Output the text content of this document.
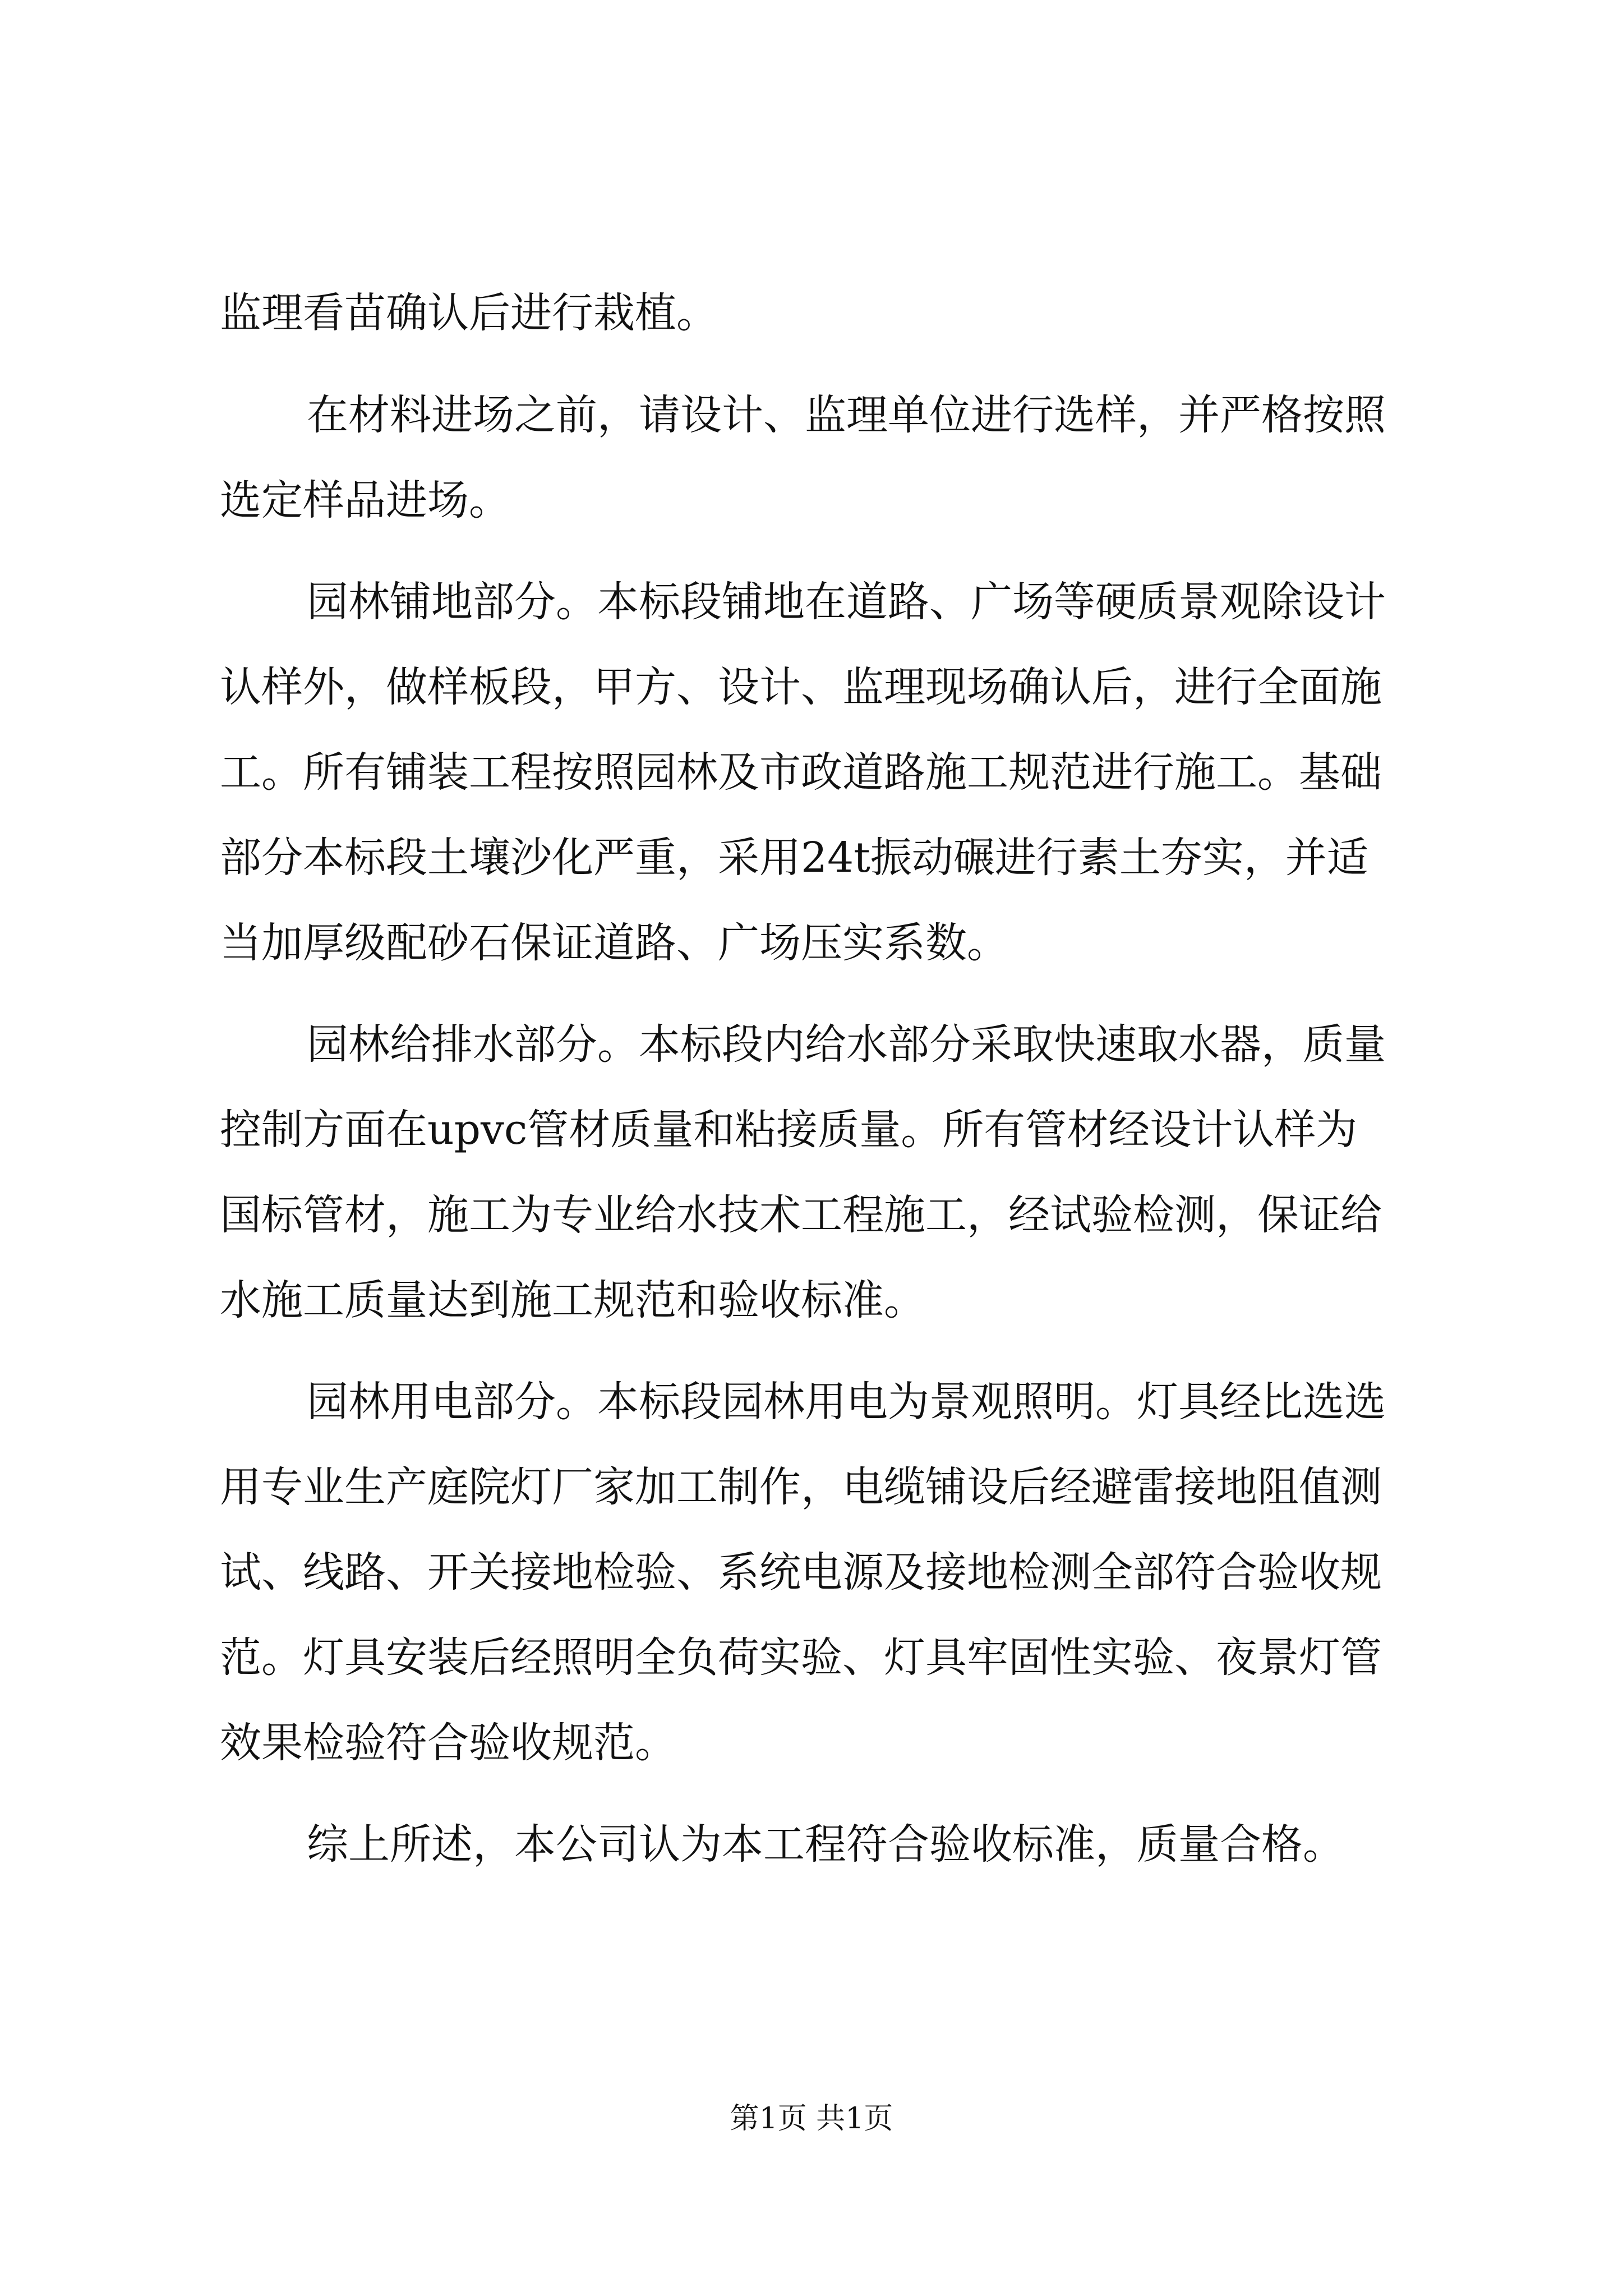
监理看苗确认后进行栽植。

在材料进场之前，请设计、监理单位进行选样，并严格按照

选定样品进场。

园林铺地部分。本标段铺地在道路、广场等硬质景观除设计

认样外，做样板段，甲方、设计、监理现场确认后，进行全面施

工。所有铺装工程按照园林及市政道路施工规范进行施工。基础

部分本标段土壤沙化严重，采用24t振动碾进行素土夯实，并适

当加厚级配砂石保证道路、广场压实系数。

园林给排水部分。本标段内给水部分采取快速取水器，质量

控制方面在upvc管材质量和粘接质量。所有管材经设计认样为

国标管材，施工为专业给水技术工程施工，经试验检测，保证给

水施工质量达到施工规范和验收标准。

园林用电部分。本标段园林用电为景观照明。灯具经比选选

用专业生产庭院灯厂家加工制作，电缆铺设后经避雷接地阻值测

试、线路、开关接地检验、系统电源及接地检测全部符合验收规

范。灯具安装后经照明全负荷实验、灯具牢固性实验、夜景灯管

效果检验符合验收规范。

综上所述，本公司认为本工程符合验收标准，质量合格。

第1页 共1页
